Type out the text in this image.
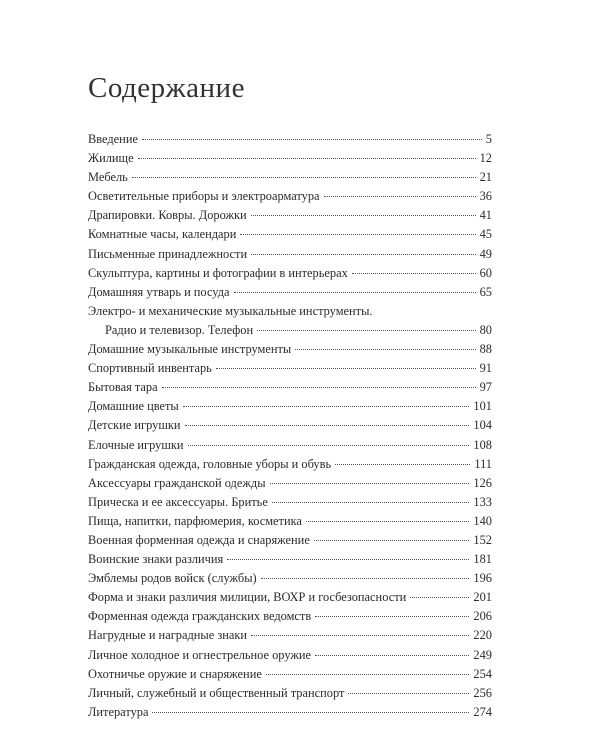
Содержание
Введение	5
Жилище	12
Мебель	21
Осветительные приборы и электроарматура	36
Драпировки. Ковры. Дорожки	41
Комнатные часы, календари	45
Письменные принадлежности	49
Скульптура, картины и фотографии в интерьерах	60
Домашняя утварь и посуда	65
Электро- и механические музыкальные инструменты.
Радио и телевизор. Телефон	80
Домашние музыкальные инструменты	88
Спортивный инвентарь	91
Бытовая тара	97
Домашние цветы	101
Детские игрушки	104
Елочные игрушки	108
Гражданская одежда, головные уборы и обувь	111
Аксессуары гражданской одежды	126
Прическа и ее аксессуары. Бритье	133
Пища, напитки, парфюмерия, косметика	140
Военная форменная одежда и снаряжение	152
Воинские знаки различия	181
Эмблемы родов войск (службы)	196
Форма и знаки различия милиции, ВОХР и госбезопасности	201
Форменная одежда гражданских ведомств	206
Нагрудные и наградные знаки	220
Личное холодное и огнестрельное оружие	249
Охотничье оружие и снаряжение	254
Личный, служебный и общественный транспорт	256
Литература	274
